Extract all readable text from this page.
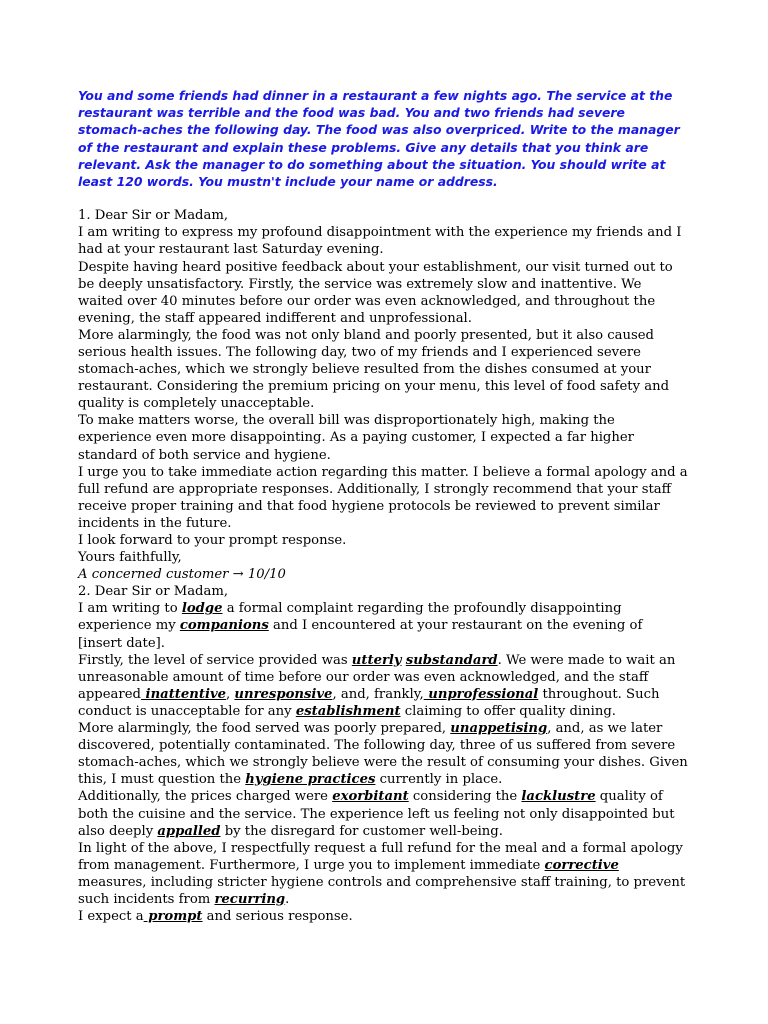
You and some friends had dinner in a restaurant a few nights ago. The service at the restaurant was terrible and the food was bad. You and two friends had severe stomach-aches the following day. The food was also overpriced. Write to the manager of the restaurant and explain these problems. Give any details that you think are relevant. Ask the manager to do something about the situation. You should write at least 120 words. You mustn't include your name or address.

1. Dear Sir or Madam,

I am writing to express my profound disappointment with the experience my friends and I had at your restaurant last Saturday evening.

Despite having heard positive feedback about your establishment, our visit turned out to be deeply unsatisfactory. Firstly, the service was extremely slow and inattentive. We waited over 40 minutes before our order was even acknowledged, and throughout the evening, the staff appeared indifferent and unprofessional.

More alarmingly, the food was not only bland and poorly presented, but it also caused serious health issues. The following day, two of my friends and I experienced severe stomach-aches, which we strongly believe resulted from the dishes consumed at your restaurant. Considering the premium pricing on your menu, this level of food safety and quality is completely unacceptable.

To make matters worse, the overall bill was disproportionately high, making the experience even more disappointing. As a paying customer, I expected a far higher standard of both service and hygiene.

I urge you to take immediate action regarding this matter. I believe a formal apology and a full refund are appropriate responses. Additionally, I strongly recommend that your staff receive proper training and that food hygiene protocols be reviewed to prevent similar incidents in the future.

I look forward to your prompt response.

Yours faithfully,

A concerned customer → 10/10

2. Dear Sir or Madam,

I am writing to lodge a formal complaint regarding the profoundly disappointing experience my companions and I encountered at your restaurant on the evening of [insert date].

Firstly, the level of service provided was utterly substandard. We were made to wait an unreasonable amount of time before our order was even acknowledged, and the staff appeared inattentive, unresponsive, and, frankly, unprofessional throughout. Such conduct is unacceptable for any establishment claiming to offer quality dining.

More alarmingly, the food served was poorly prepared, unappetising, and, as we later discovered, potentially contaminated. The following day, three of us suffered from severe stomach-aches, which we strongly believe were the result of consuming your dishes. Given this, I must question the hygiene practices currently in place.

Additionally, the prices charged were exorbitant considering the lacklustre quality of both the cuisine and the service. The experience left us feeling not only disappointed but also deeply appalled by the disregard for customer well-being.

In light of the above, I respectfully request a full refund for the meal and a formal apology from management. Furthermore, I urge you to implement immediate corrective measures, including stricter hygiene controls and comprehensive staff training, to prevent such incidents from recurring.

I expect a prompt and serious response.
